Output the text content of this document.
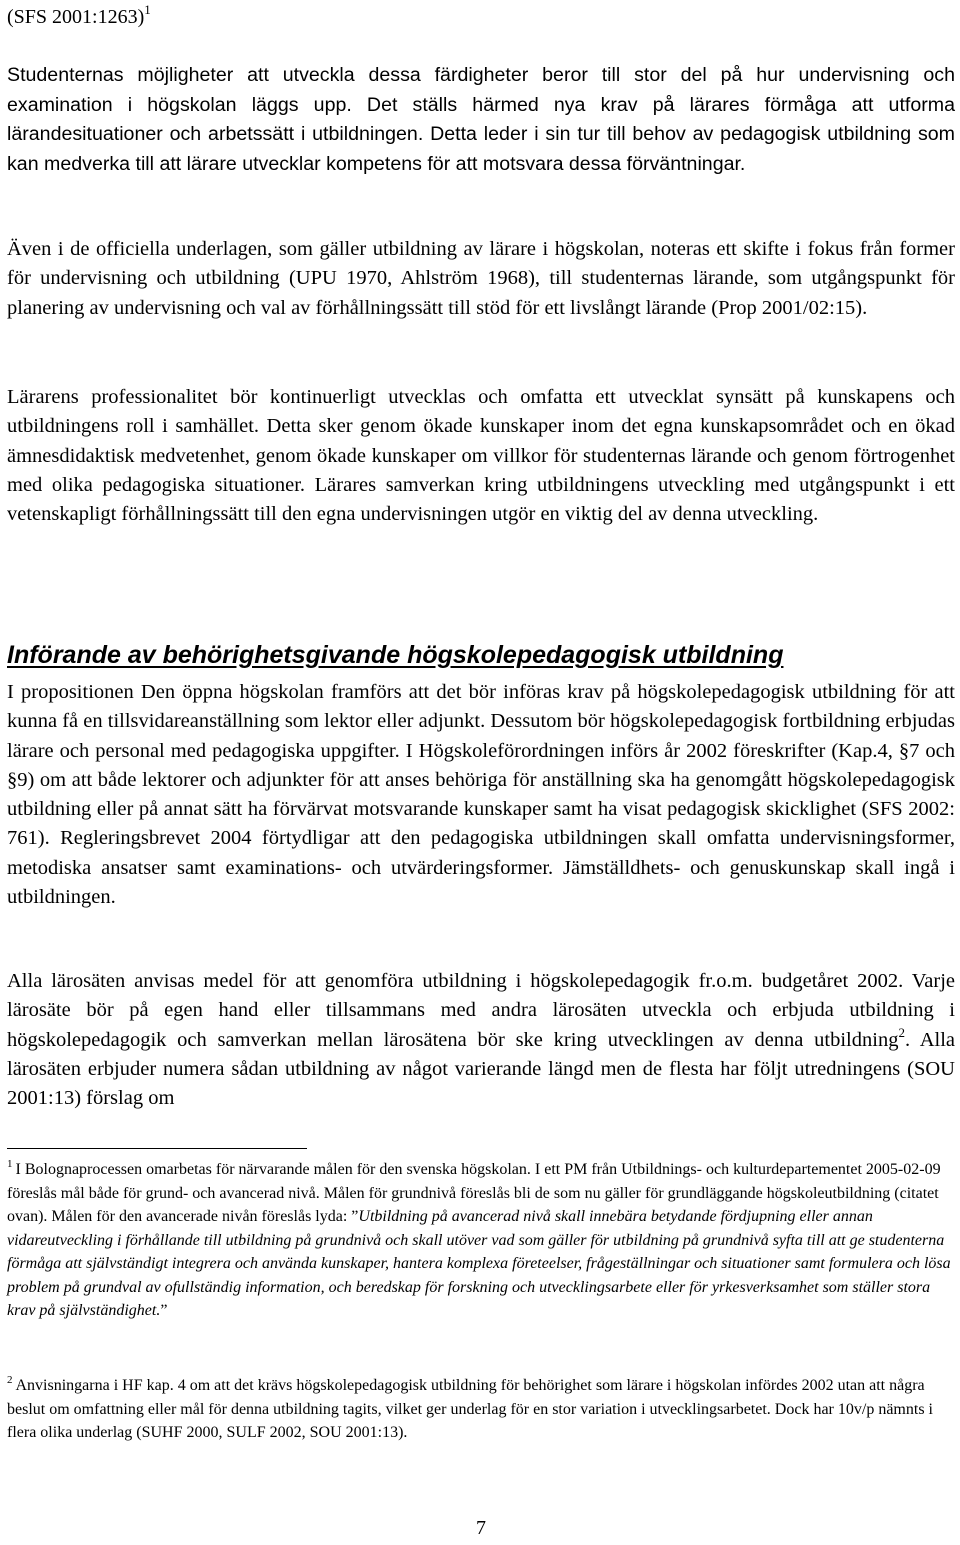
(SFS 2001:1263)$^1$

Studenternas möjligheter att utveckla dessa färdigheter beror till stor del på hur undervisning och examination i högskolan läggs upp. Det ställs härmed nya krav på lärares förmåga att utforma lärandesituationer och arbetssätt i utbildningen. Detta leder i sin tur till behov av pedagogisk utbildning som kan medverka till att lärare utvecklar kompetens för att motsvara dessa förväntningar.

Även i de officiella underlagen, som gäller utbildning av lärare i högskolan, noteras ett skifte i fokus från former för undervisning och utbildning (UPU 1970, Ahlström 1968), till studenternas lärande, som utgångspunkt för planering av undervisning och val av förhållningssätt till stöd för ett livslångt lärande (Prop 2001/02:15).

Lärarens professionalitet bör kontinuerligt utvecklas och omfatta ett utvecklat synsätt på kunskapens och utbildningens roll i samhället. Detta sker genom ökade kunskaper inom det egna kunskapsområdet och en ökad ämnesdidaktisk medvetenhet, genom ökade kunskaper om villkor för studenternas lärande och genom förtrogenhet med olika pedagogiska situationer. Lärares samverkan kring utbildningens utveckling med utgångspunkt i ett vetenskapligt förhållningssätt till den egna undervisningen utgör en viktig del av denna utveckling.

Införande av behörighetsgivande högskolepedagogisk utbildning

I propositionen Den öppna högskolan framförs att det bör införas krav på högskolepedagogisk utbildning för att kunna få en tillsvidareanställning som lektor eller adjunkt. Dessutom bör högskolepedagogisk fortbildning erbjudas lärare och personal med pedagogiska uppgifter. I Högskoleförordningen införs år 2002 föreskrifter (Kap.4, §7 och §9) om att både lektorer och adjunkter för att anses behöriga för anställning ska ha genomgått högskolepedagogisk utbildning eller på annat sätt ha förvärvat motsvarande kunskaper samt ha visat pedagogisk skicklighet (SFS 2002: 761). Regleringsbrevet 2004 förtydligar att den pedagogiska utbildningen skall omfatta undervisningsformer, metodiska ansatser samt examinations- och utvärderingsformer. Jämställdhets- och genuskunskap skall ingå i utbildningen.

Alla lärosäten anvisas medel för att genomföra utbildning i högskolepedagogik fr.o.m. budgetåret 2002. Varje lärosäte bör på egen hand eller tillsammans med andra lärosäten utveckla och erbjuda utbildning i högskolepedagogik och samverkan mellan lärosätena bör ske kring utvecklingen av denna utbildning$^2$. Alla lärosäten erbjuder numera sådan utbildning av något varierande längd men de flesta har följt utredningens (SOU 2001:13) förslag om

$^1$ I Bolognaprocessen omarbetas för närvarande målen för den svenska högskolan. I ett PM från Utbildnings- och kulturdepartementet 2005-02-09 föreslås mål både för grund- och avancerad nivå. Målen för grundnivå föreslås bli de som nu gäller för grundläggande högskoleutbildning (citatet ovan). Målen för den avancerade nivån föreslås lyda: ”Utbildning på avancerad nivå skall innebära betydande fördjupning eller annan vidareutveckling i förhållande till utbildning på grundnivå och skall utöver vad som gäller för utbildning på grundnivå syfta till att ge studenterna förmåga att självständigt integrera och använda kunskaper, hantera komplexa företeelser, frågeställningar och situationer samt formulera och lösa problem på grundval av ofullständig information, och beredskap för forskning och utvecklingsarbete eller för yrkesverksamhet som ställer stora krav på självständighet.”

$^2$ Anvisningarna i HF kap. 4 om att det krävs högskolepedagogisk utbildning för behörighet som lärare i högskolan infördes 2002 utan att några beslut om omfattning eller mål för denna utbildning tagits, vilket ger underlag för en stor variation i utvecklingsarbetet. Dock har 10v/p nämnts i flera olika underlag (SUHF 2000, SULF 2002, SOU 2001:13).

7
